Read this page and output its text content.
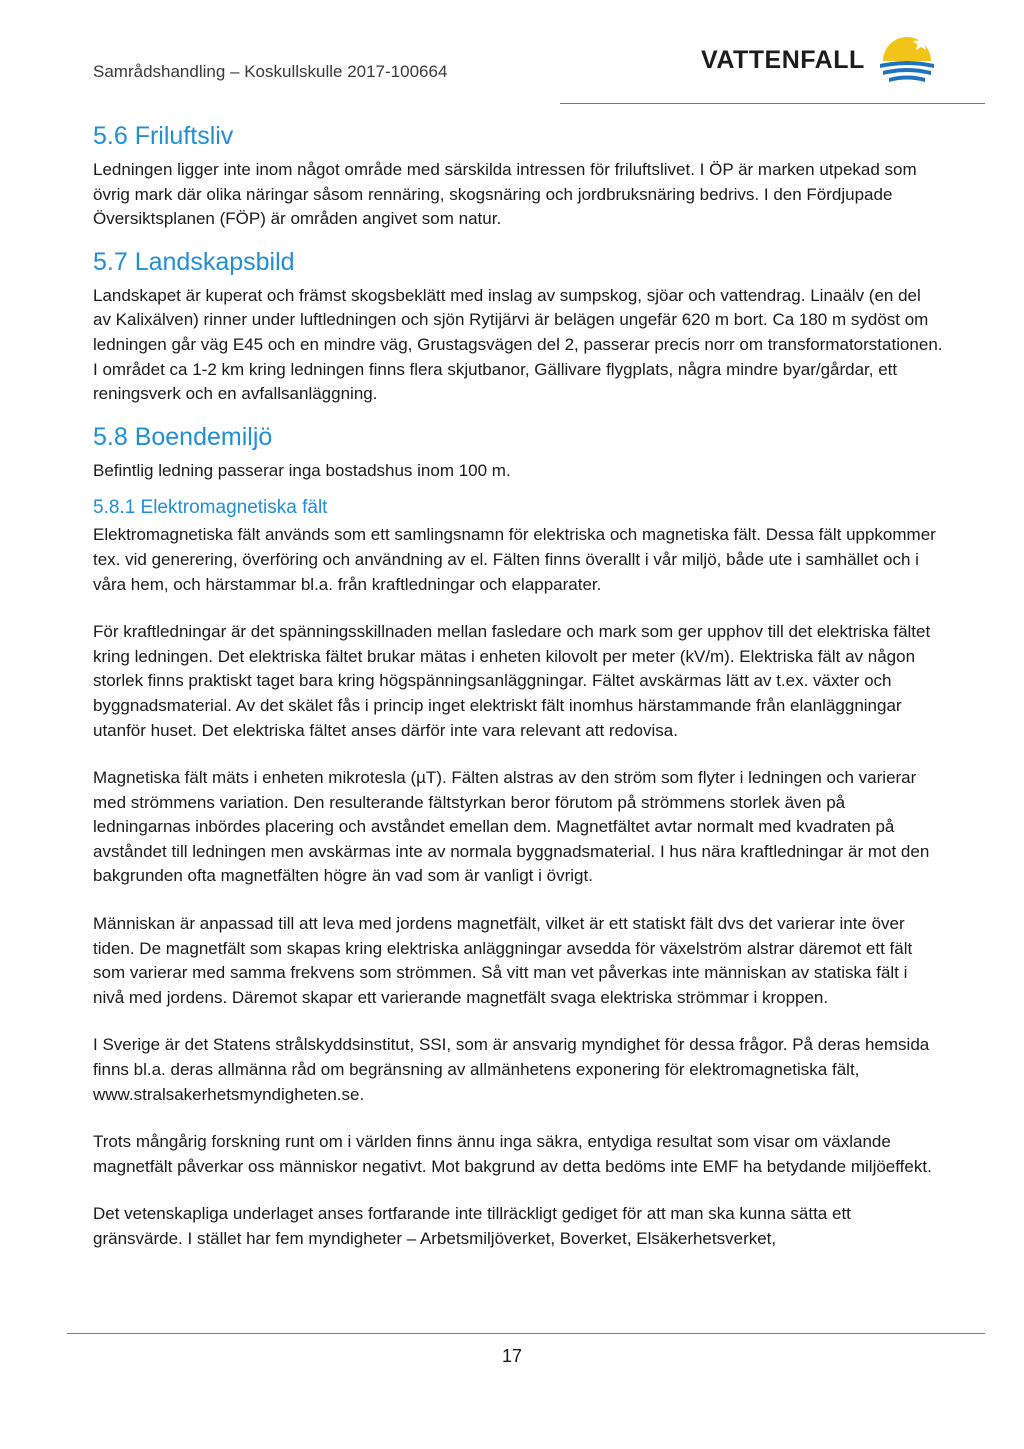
Samrådshandling – Koskullskulle 2017-100664	VATTENFALL
5.6 Friluftsliv

Ledningen ligger inte inom något område med särskilda intressen för friluftslivet. I ÖP är marken utpekad som övrig mark där olika näringar såsom rennäring, skogsnäring och jordbruksnäring bedrivs. I den Fördjupade Översiktsplanen (FÖP) är områden angivet som natur.

5.7 Landskapsbild

Landskapet är kuperat och främst skogsbeklätt med inslag av sumpskog, sjöar och vattendrag. Linaälv (en del av Kalixälven) rinner under luftledningen och sjön Rytijärvi är belägen ungefär 620 m bort. Ca 180 m sydöst om ledningen går väg E45 och en mindre väg, Grustagsvägen del 2, passerar precis norr om transformatorstationen. I området ca 1-2 km kring ledningen finns flera skjutbanor, Gällivare flygplats, några mindre byar/gårdar, ett reningsverk och en avfallsanläggning.

5.8 Boendemiljö

Befintlig ledning passerar inga bostadshus inom 100 m.

5.8.1 Elektromagnetiska fält

Elektromagnetiska fält används som ett samlingsnamn för elektriska och magnetiska fält. Dessa fält uppkommer tex. vid generering, överföring och användning av el. Fälten finns överallt i vår miljö, både ute i samhället och i våra hem, och härstammar bl.a. från kraftledningar och elapparater.

För kraftledningar är det spänningsskillnaden mellan fasledare och mark som ger upphov till det elektriska fältet kring ledningen. Det elektriska fältet brukar mätas i enheten kilovolt per meter (kV/m). Elektriska fält av någon storlek finns praktiskt taget bara kring högspänningsanläggningar. Fältet avskärmas lätt av t.ex. växter och byggnadsmaterial. Av det skälet fås i princip inget elektriskt fält inomhus härstammande från elanläggningar utanför huset. Det elektriska fältet anses därför inte vara relevant att redovisa.

Magnetiska fält mäts i enheten mikrotesla (µT). Fälten alstras av den ström som flyter i ledningen och varierar med strömmens variation. Den resulterande fältstyrkan beror förutom på strömmens storlek även på ledningarnas inbördes placering och avståndet emellan dem. Magnetfältet avtar normalt med kvadraten på avståndet till ledningen men avskärmas inte av normala byggnadsmaterial. I hus nära kraftledningar är mot den bakgrunden ofta magnetfälten högre än vad som är vanligt i övrigt.

Människan är anpassad till att leva med jordens magnetfält, vilket är ett statiskt fält dvs det varierar inte över tiden. De magnetfält som skapas kring elektriska anläggningar avsedda för växelström alstrar däremot ett fält som varierar med samma frekvens som strömmen. Så vitt man vet påverkas inte människan av statiska fält i nivå med jordens. Däremot skapar ett varierande magnetfält svaga elektriska strömmar i kroppen.

I Sverige är det Statens strålskyddsinstitut, SSI, som är ansvarig myndighet för dessa frågor. På deras hemsida finns bl.a. deras allmänna råd om begränsning av allmänhetens exponering för elektromagnetiska fält, www.stralsakerhetsmyndigheten.se.

Trots mångårig forskning runt om i världen finns ännu inga säkra, entydiga resultat som visar om växlande magnetfält påverkar oss människor negativt. Mot bakgrund av detta bedöms inte EMF ha betydande miljöeffekt.

Det vetenskapliga underlaget anses fortfarande inte tillräckligt gediget för att man ska kunna sätta ett gränsvärde. I stället har fem myndigheter – Arbetsmiljöverket, Boverket, Elsäkerhetsverket,

17
